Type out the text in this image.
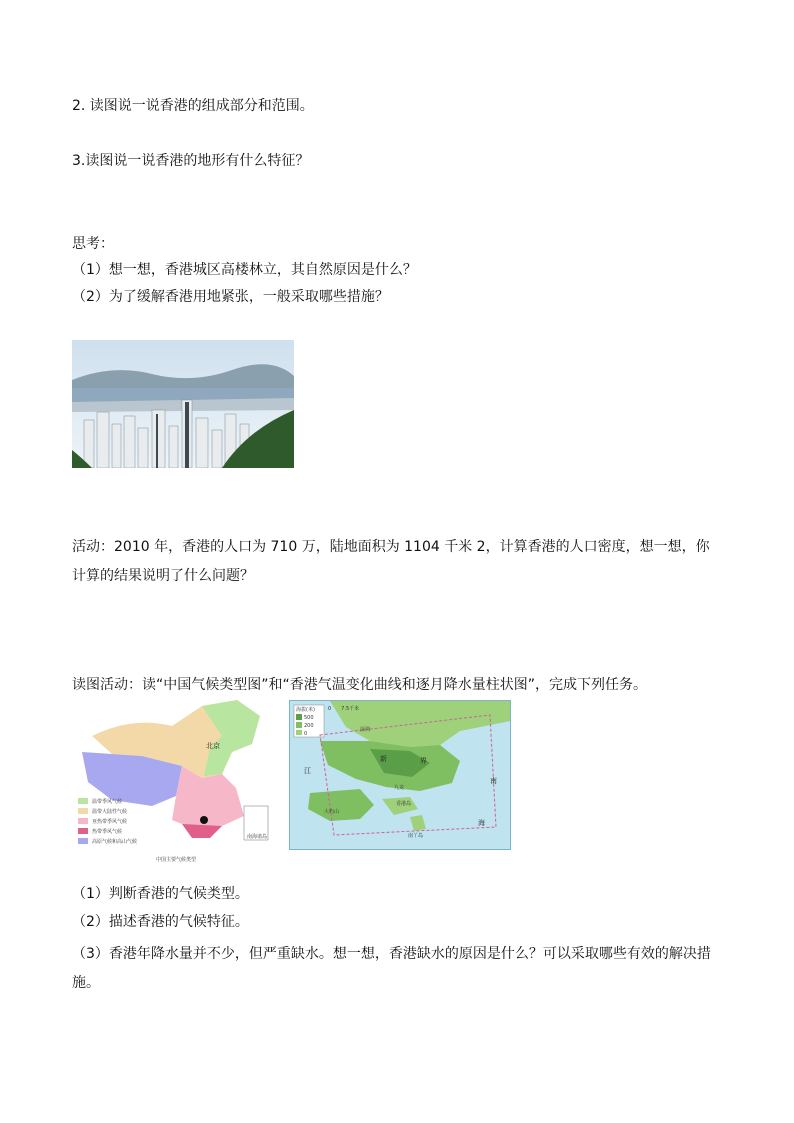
2. 读图说一说香港的组成部分和范围。
3.读图说一说香港的地形有什么特征？
思考：
（1）想一想，香港城区高楼林立，其自然原因是什么？
（2）为了缓解香港用地紧张，一般采取哪些措施？
活动：2010 年，香港的人口为 710 万，陆地面积为 1104 千米 2，计算香港的人口密度，想一想，你计算的结果说明了什么问题？
读图活动：读“中国气候类型图”和“香港气温变化曲线和逐月降水量柱状图”，完成下列任务。
北京
南海诸岛
温带季风气候
温带大陆性气候
亚热带季风气候
热带季风气候
高原气候和高山气候
中国主要气候类型
海拔(米)
500
200
0
0　　7.5千米
新	界
香港岛
大屿山
九龙
南丫岛
南
海
江
深圳
（1）判断香港的气候类型。
（2）描述香港的气候特征。
（3）香港年降水量并不少，但严重缺水。想一想，香港缺水的原因是什么？可以采取哪些有效的解决措施。
